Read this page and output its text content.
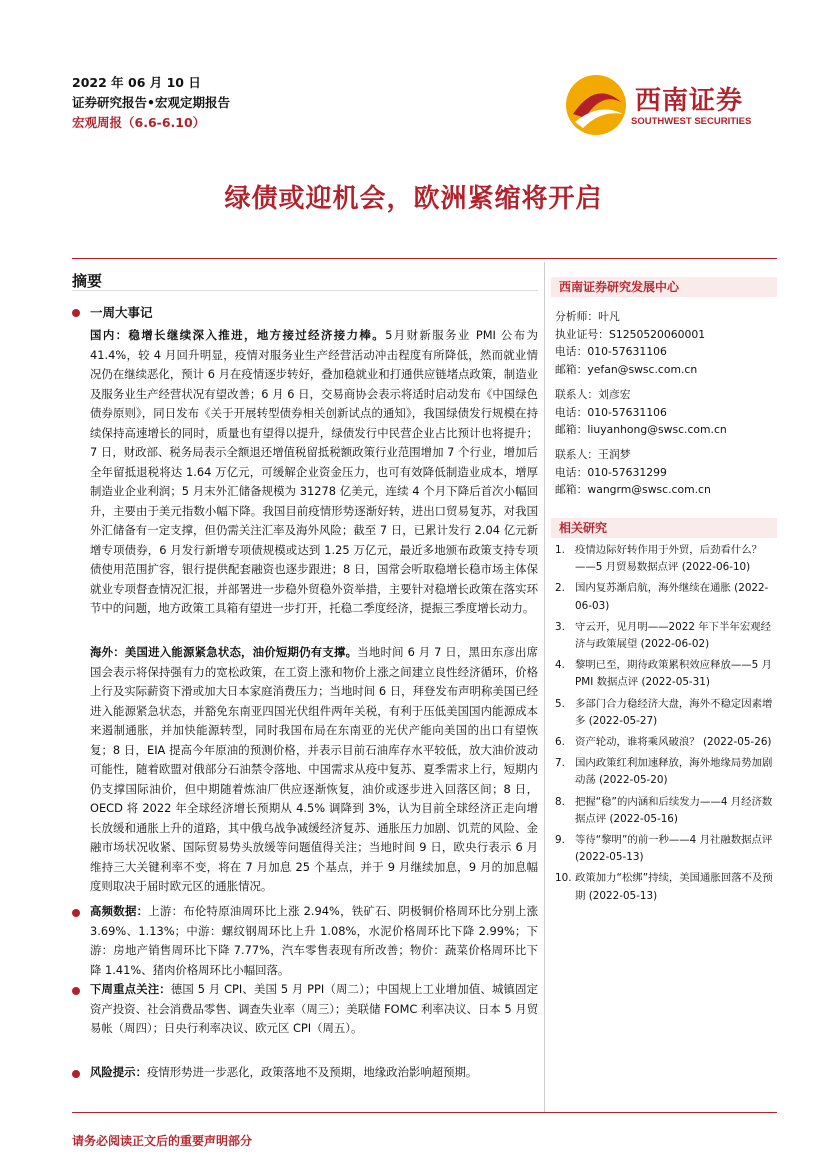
2022 年 06 月 10 日
证券研究报告•宏观定期报告
宏观周报（6.6-6.10）
西南证券
SOUTHWEST SECURITIES
绿债或迎机会，欧洲紧缩将开启
摘要
一周大事记
国内：稳增长继续深入推进，地方接过经济接力棒。5月财新服务业 PMI 公布为 41.4%，较 4 月回升明显，疫情对服务业生产经营活动冲击程度有所降低，然而就业情况仍在继续恶化，预计 6 月在疫情逐步转好，叠加稳就业和打通供应链堵点政策，制造业及服务业生产经营状况有望改善；6 月 6 日，交易商协会表示将适时启动发布《中国绿色债券原则》，同日发布《关于开展转型债券相关创新试点的通知》，我国绿债发行规模在持续保持高速增长的同时，质量也有望得以提升，绿债发行中民营企业占比预计也将提升；7 日，财政部、税务局表示全额退还增值税留抵税额政策行业范围增加 7 个行业，增加后全年留抵退税将达 1.64 万亿元，可缓解企业资金压力，也可有效降低制造业成本，增厚制造业企业利润；5 月末外汇储备规模为 31278 亿美元，连续 4 个月下降后首次小幅回升，主要由于美元指数小幅下降。我国目前疫情形势逐渐好转，进出口贸易复苏，对我国外汇储备有一定支撑，但仍需关注汇率及海外风险；截至 7 日，已累计发行 2.04 亿元新增专项债券，6 月发行新增专项债规模或达到 1.25 万亿元，最近多地颁布政策支持专项债使用范围扩容，银行提供配套融资也逐步跟进；8 日，国常会听取稳增长稳市场主体保就业专项督查情况汇报，并部署进一步稳外贸稳外资举措，主要针对稳增长政策在落实环节中的问题，地方政策工具箱有望进一步打开，托稳二季度经济，提振三季度增长动力。
海外：美国进入能源紧急状态，油价短期仍有支撑。当地时间 6 月 7 日，黑田东彦出席国会表示将保持强有力的宽松政策，在工资上涨和物价上涨之间建立良性经济循环，价格上行及实际薪资下滑或加大日本家庭消费压力；当地时间 6 日，拜登发布声明称美国已经进入能源紧急状态，并豁免东南亚四国光伏组件两年关税，有利于压低美国国内能源成本来遏制通胀，并加快能源转型，同时我国布局在东南亚的光伏产能向美国的出口有望恢复；8 日，EIA 提高今年原油的预测价格，并表示目前石油库存水平较低，放大油价波动可能性，随着欧盟对俄部分石油禁令落地、中国需求从疫中复苏、夏季需求上行，短期内仍支撑国际油价，但中期随着炼油厂供应逐渐恢复，油价或逐步进入回落区间；8 日，OECD 将 2022 年全球经济增长预期从 4.5% 调降到 3%，认为目前全球经济正走向增长放缓和通胀上升的道路，其中俄乌战争减缓经济复苏、通胀压力加剧、饥荒的风险、金融市场状况收紧、国际贸易势头放缓等问题值得关注；当地时间 9 日，欧央行表示 6 月维持三大关键利率不变，将在 7 月加息 25 个基点，并于 9 月继续加息，9 月的加息幅度则取决于届时欧元区的通胀情况。
高频数据：上游：布伦特原油周环比上涨 2.94%，铁矿石、阴极铜价格周环比分别上涨 3.69%、1.13%；中游：螺纹钢周环比上升 1.08%，水泥价格周环比下降 2.99%；下游：房地产销售周环比下降 7.77%，汽车零售表现有所改善；物价：蔬菜价格周环比下降 1.41%、猪肉价格周环比小幅回落。
下周重点关注：德国 5 月 CPI、美国 5 月 PPI（周二）；中国规上工业增加值、城镇固定资产投资、社会消费品零售、调查失业率（周三）；美联储 FOMC 利率决议、日本 5 月贸易帐（周四）；日央行利率决议、欧元区 CPI（周五）。
风险提示：疫情形势进一步恶化，政策落地不及预期，地缘政治影响超预期。
西南证券研究发展中心
分析师：叶凡
执业证号：S1250520060001
电话：010-57631106
邮箱：yefan@swsc.com.cn
联系人：刘彦宏
电话：010-57631106
邮箱：liuyanhong@swsc.com.cn
联系人：王润梦
电话：010-57631299
邮箱：wangrm@swsc.com.cn
相关研究
1. 疫情边际好转作用于外贸，后劲看什么？——5 月贸易数据点评 (2022-06-10)
2. 国内复苏渐启航，海外继续在通胀 (2022-06-03)
3. 守云开，见月明——2022 年下半年宏观经济与政策展望 (2022-06-02)
4. 黎明已至，期待政策累积效应释放——5 月 PMI 数据点评 (2022-05-31)
5. 多部门合力稳经济大盘，海外不稳定因素增多 (2022-05-27)
6. 资产轮动，谁将乘风破浪？ (2022-05-26)
7. 国内政策红利加速释放，海外地缘局势加剧动荡 (2022-05-20)
8. 把握“稳”的内涵和后续发力——4 月经济数据点评 (2022-05-16)
9. 等待“黎明”的前一秒——4 月社融数据点评 (2022-05-13)
10. 政策加力“松绑”持续，美国通胀回落不及预期 (2022-05-13)
请务必阅读正文后的重要声明部分
